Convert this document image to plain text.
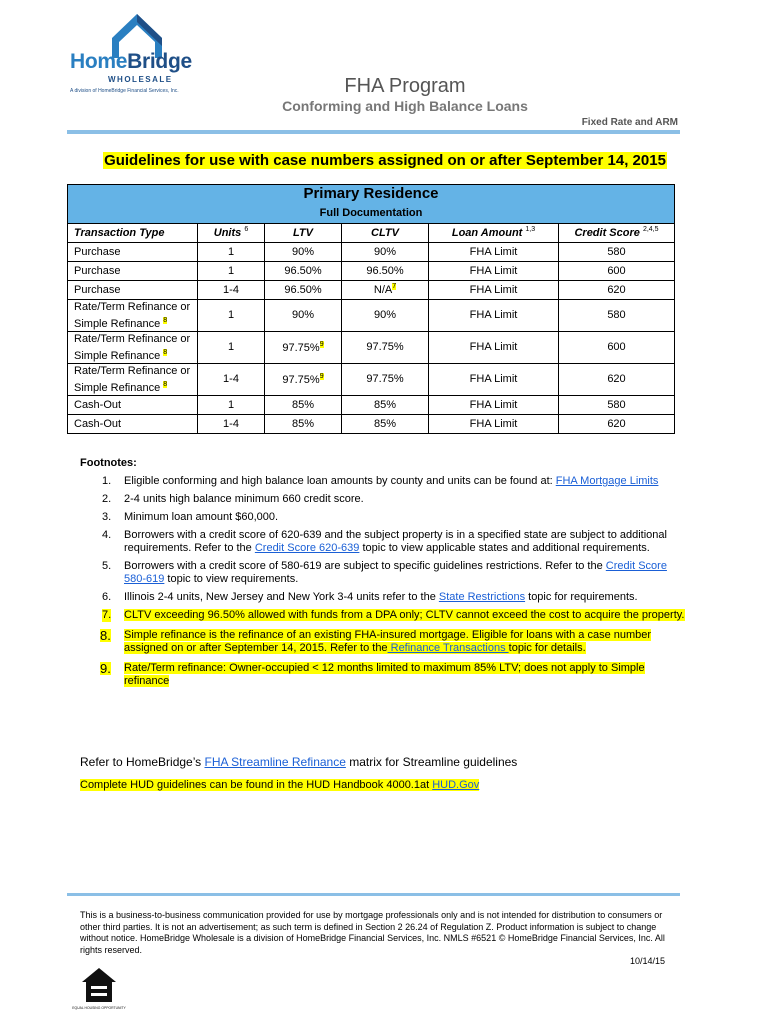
HomeBridge
WHOLESALE
A division of HomeBridge Financial Services, Inc.	FHA Program
Conforming and High Balance Loans
Fixed Rate and ARM
Guidelines for use with case numbers assigned on or after September 14, 2015
Primary Residence					
Full Documentation					
Transaction Type	Units $^6$	LTV	CLTV	Loan Amount $^{1,3}$	Credit Score $^{2,4,5}$
Purchase	1	90%	90%	FHA Limit	580
Purchase	1	96.50%	96.50%	FHA Limit	600
Purchase	1-4	96.50%	$N/A^7$	FHA Limit	620
Rate/Term Refinance or Simple Refinance $^8$	1	90%	90%	FHA Limit	580
Rate/Term Refinance or Simple Refinance $^8$	1	97.75%$^9$	97.75%	FHA Limit	600
Rate/Term Refinance or Simple Refinance $^8$	1-4	97.75%$^9$	97.75%	FHA Limit	620
Cash-Out	1	85%	85%	FHA Limit	580
Cash-Out	1-4	85%	85%	FHA Limit	620
Footnotes:
1. Eligible conforming and high balance loan amounts by county and units can be found at: FHA Mortgage Limits
2. 2-4 units high balance minimum 660 credit score.
3. Minimum loan amount $60,000.
4. Borrowers with a credit score of 620-639 and the subject property is in a specified state are subject to additional requirements. Refer to the Credit Score 620-639 topic to view applicable states and additional requirements.
5. Borrowers with a credit score of 580-619 are subject to specific guidelines restrictions. Refer to the Credit Score 580-619 topic to view requirements.
6. Illinois 2-4 units, New Jersey and New York 3-4 units refer to the State Restrictions topic for requirements.
7. CLTV exceeding 96.50% allowed with funds from a DPA only; CLTV cannot exceed the cost to acquire the property.
8. Simple refinance is the refinance of an existing FHA-insured mortgage. Eligible for loans with a case number assigned on or after September 14, 2015. Refer to the Refinance Transactions topic for details.
9. Rate/Term refinance: Owner-occupied < 12 months limited to maximum 85% LTV; does not apply to Simple refinance
Refer to HomeBridge’s FHA Streamline Refinance matrix for Streamline guidelines
Complete HUD guidelines can be found in the HUD Handbook 4000.1at HUD.Gov
This is a business-to-business communication provided for use by mortgage professionals only and is not intended for distribution to consumers or other third parties. It is not an advertisement; as such term is defined in Section 2 26.24 of Regulation Z. Product information is subject to change without notice. HomeBridge Wholesale is a division of HomeBridge Financial Services, Inc. NMLS #6521 © HomeBridge Financial Services, Inc. All rights reserved.
10/14/15
EQUAL HOUSING OPPORTUNITY
